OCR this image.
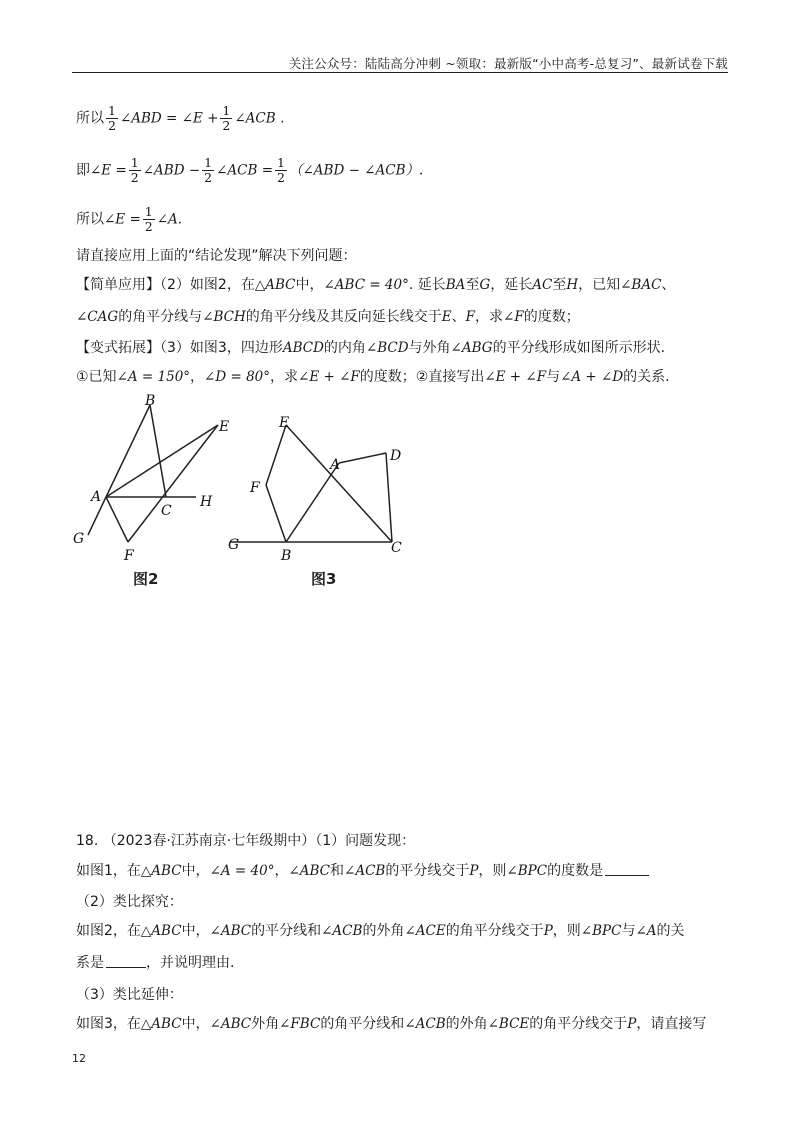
关注公众号：陆陆高分冲刺 ~领取：最新版“小中高考-总复习”、最新试卷下载
所以 $\frac{1}{2}$ ∠ABD = ∠E + $\frac{1}{2}$ ∠ACB .
即∠E = $\frac{1}{2}$ ∠ABD − $\frac{1}{2}$ ∠ACB = $\frac{1}{2}$ （∠ABD − ∠ACB）.
所以∠E = $\frac{1}{2}$ ∠A.
请直接应用上面的“结论发现”解决下列问题：
【简单应用】（2）如图2，在△ABC中，∠ABC = 40°. 延长BA至G，延长AC至H，已知∠BAC、
∠CAG的角平分线与∠BCH的角平分线及其反向延长线交于E、F，求∠F的度数；
【变式拓展】（3）如图3，四边形ABCD的内角∠BCD与外角∠ABG的平分线形成如图所示形状.
①已知∠A = 150°，∠D = 80°，求∠E + ∠F的度数；②直接写出∠E + ∠F与∠A + ∠D的关系.
B
E
A
C
H
G
F
图2
E
A
D
F
G
B	C
图3
18. （2023春·江苏南京·七年级期中）（1）问题发现：
如图1，在△ABC中，∠A = 40°，∠ABC和∠ACB的平分线交于P，则∠BPC的度数是
（2）类比探究：
如图2，在△ABC中，∠ABC的平分线和∠ACB的外角∠ACE的角平分线交于P，则∠BPC与∠A的关
系是	，并说明理由.
（3）类比延伸：
如图3，在△ABC中，∠ABC外角∠FBC的角平分线和∠ACB的外角∠BCE的角平分线交于P，请直接写
12
